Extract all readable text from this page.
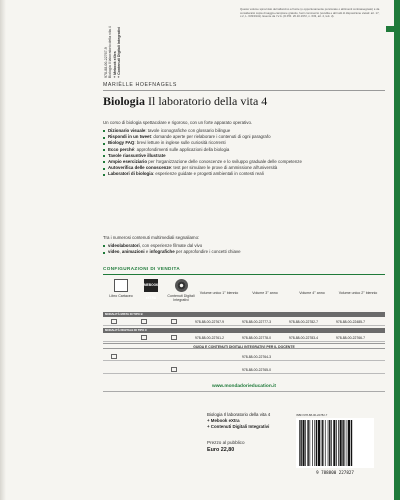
978-88-00-22767-9 Biologia Il laboratorio della vita 4 + Mebook eXtra + Contenuti Digitali Integrativi
Questo volume sprovvisto del talloncino a fronte (o opportunamente punzonato o altrimenti contrassegnato) è da considerarsi copia di saggio-campione gratuito, fuori commercio (vendita e altri atti di disposizione vietati: art. 17, c.2, L. 633/1941). Esente da I.V.A. (D.P.R. 26.10.1972, n. 633, art. 2, lett. d).
MARIËLLE HOEFNAGELS
Biologia Il laboratorio della vita 4
Un corso di biologia spettacolare e rigoroso, con un forte apparato operativo.
Dizionario visuale: tavole iconografiche con glossario bilingue
Rispondi in un tweet: domande aperte per rielaborare i contenuti di ogni paragrafo
Biology FAQ: brevi letture in inglese sulle curiosità ricorrenti
Ecco perché: approfondimenti sulle applicazioni della biologia
Tavole riassuntive illustrate
Ampio eserciziario per l'organizzazione delle conoscenze e lo sviluppo graduale delle competenze
Autoverifica delle conoscenze: test per simulare le prove di ammissione all'università
Laboratori di biologia: esperienze guidate e progetti ambientali in contesti reali
Tra i numerosi contenuti multimediali segnaliamo:
videolaboratori, con esperienze filmate dal vivo
video, animazioni e infografiche per approfondire i concetti chiave
CONFIGURAZIONI DI VENDITA
Libro Cartaceo
MEBOOK eXTRA	Contenuti Digitali Integrativi
Volume unico 1° biennio	Volume 3° anno	Volume 4° anno	Volume unico 2° biennio
MODALITÀ MISTA DI TIPO B
978-88-00-22767-9	978-88-00-22777-3	978-88-00-22782-7	978-88-00-22485-7
MODALITÀ DIGITALE DI TIPO C
978-88-00-22761-2	978-88-00-22778-0	978-88-00-22783-4	978-88-00-22766-7
GUIDA E CONTENUTI DIGITALI INTEGRATIVI PER IL DOCENTE
978-88-00-22764-3
978-88-00-22765-0
www.mondadorieducation.it
Biologia Il laboratorio della vita 4
+ Mebook eXtra
+ Contenuti Digitali Integrativi
Prezzo al pubblico
Euro 22,80
ISBN 978-88-00-22782-7
9 788800 227827
